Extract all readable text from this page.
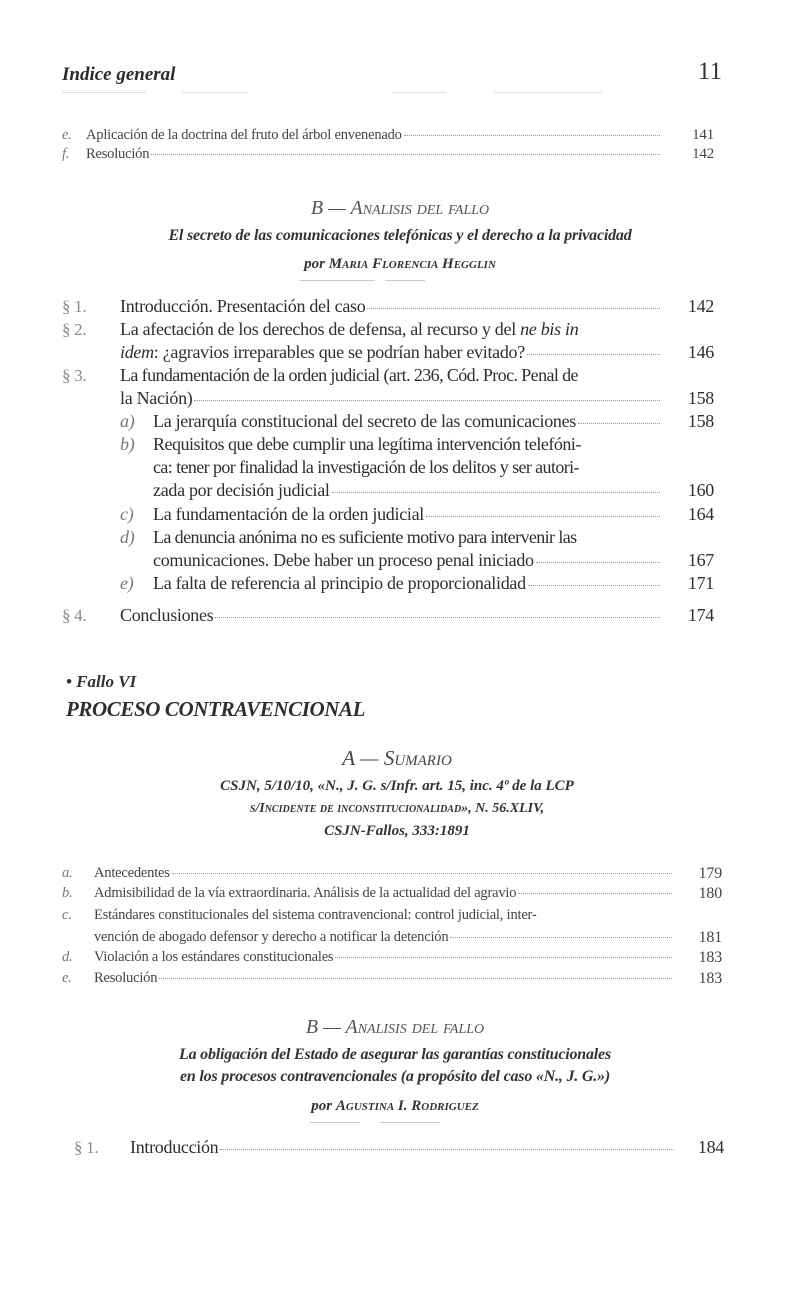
Indice general	11
e. Aplicación de la doctrina del fruto del árbol envenenado	141
f.	Resolución	142
B — Analisis del fallo
El secreto de las comunicaciones telefónicas y el derecho a la privacidad
por Maria Florencia Hegglin
§ 1.	Introducción. Presentación del caso	142
§ 2.	La afectación de los derechos de defensa, al recurso y del ne bis in
idem: ¿agravios irreparables que se podrían haber evitado?	146
§ 3.	La fundamentación de la orden judicial (art. 236, Cód. Proc. Penal de
la Nación)	158
a)	La jerarquía constitucional del secreto de las comunicaciones	158
b)	Requisitos que debe cumplir una legítima intervención telefóni-
ca: tener por finalidad la investigación de los delitos y ser autori-
zada por decisión judicial	160
c)	La fundamentación de la orden judicial	164
d)	La denuncia anónima no es suficiente motivo para intervenir las
comunicaciones. Debe haber un proceso penal iniciado	167
e)	La falta de referencia al principio de proporcionalidad	171
§ 4.	Conclusiones	174
• Fallo VI
PROCESO CONTRAVENCIONAL
A — Sumario
CSJN, 5/10/10, «N., J. G. s/Infr. art. 15, inc. 4º de la LCP
s/Incidente de inconstitucionalidad», N. 56.XLIV,
CSJN-Fallos, 333:1891
a.	Antecedentes	179
b.	Admisibilidad de la vía extraordinaria. Análisis de la actualidad del agravio	180
c.	Estándares constitucionales del sistema contravencional: control judicial, inter-
vención de abogado defensor y derecho a notificar la detención	181
d.	Violación a los estándares constitucionales	183
e.	Resolución	183
B — Analisis del fallo
La obligación del Estado de asegurar las garantías constitucionales
en los procesos contravencionales (a propósito del caso «N., J. G.»)
por Agustina I. Rodriguez
§ 1.	Introducción	184
